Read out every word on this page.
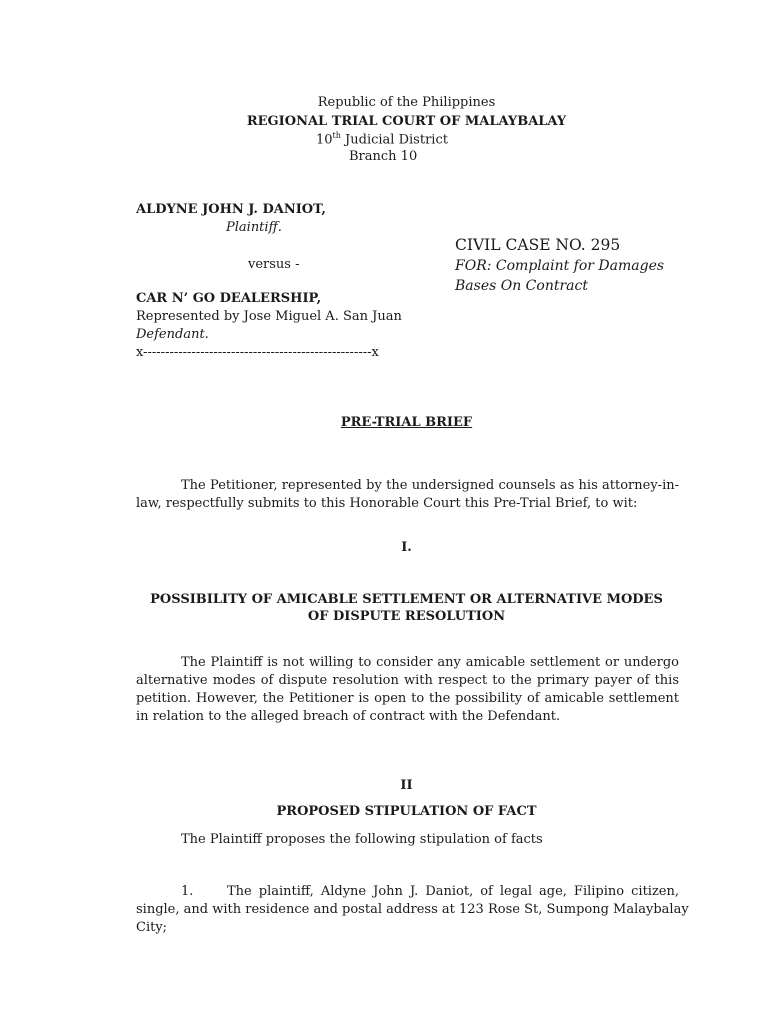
Republic of the Philippines
REGIONAL TRIAL COURT OF MALAYBALAY
10th Judicial District
Branch 10
ALDYNE JOHN J. DANIOT,
Plaintiff.
versus -
CAR N’ GO DEALERSHIP,
Represented by Jose Miguel A. San Juan
Defendant.
x----------------------------------------------------x
CIVIL CASE NO. 295
FOR: Complaint for Damages
Bases On Contract
PRE-TRIAL BRIEF
The Petitioner, represented by the undersigned counsels as his attorney-in-
law, respectfully submits to this Honorable Court this Pre-Trial Brief, to wit:
I.
POSSIBILITY OF AMICABLE SETTLEMENT OR ALTERNATIVE MODES
OF DISPUTE RESOLUTION
The Plaintiff is not willing to consider any amicable settlement or undergo
alternative modes of dispute resolution with respect to the primary payer of this
petition. However, the Petitioner is open to the possibility of amicable settlement
in relation to the alleged breach of contract with the Defendant.
II
PROPOSED STIPULATION OF FACT
The Plaintiff proposes the following stipulation of facts
1.	The plaintiff, Aldyne John J. Daniot, of legal age, Filipino citizen,
single, and with residence and postal address at 123 Rose St, Sumpong Malaybalay
City;
